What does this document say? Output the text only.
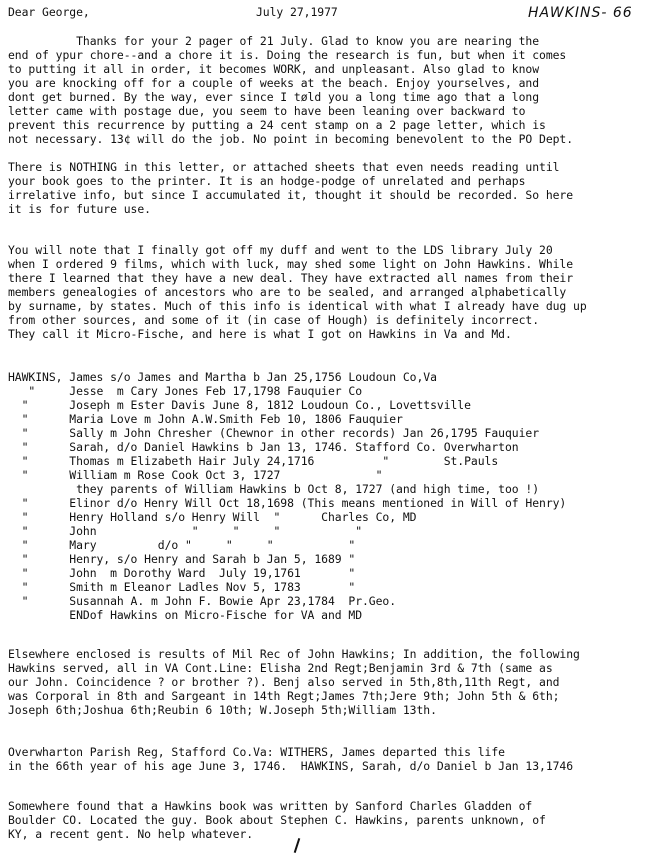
Dear George,	July 27,1977	HAWKINS- 66
Thanks for your 2 pager of 21 July. Glad to know you are nearing the
end of ypur chore--and a chore it is. Doing the research is fun, but when it comes
to putting it all in order, it becomes WORK, and unpleasant. Also glad to know
you are knocking off for a couple of weeks at the beach. Enjoy yourselves, and
dont get burned. By the way, ever since I tøld you a long time ago that a long
letter came with postage due, you seem to have been leaning over backward to
prevent this recurrence by putting a 24 cent stamp on a 2 page letter, which is
not necessary. 13¢ will do the job. No point in becoming benevolent to the PO Dept.
There is NOTHING in this letter, or attached sheets that even needs reading until
your book goes to the printer. It is an hodge-podge of unrelated and perhaps
irrelative info, but since I accumulated it, thought it should be recorded. So here
it is for future use.
You will note that I finally got off my duff and went to the LDS library July 20
when I ordered 9 films, which with luck, may shed some light on John Hawkins. While
there I learned that they have a new deal. They have extracted all names from their
members genealogies of ancestors who are to be sealed, and arranged alphabetically
by surname, by states. Much of this info is identical with what I already have dug up
from other sources, and some of it (in case of Hough) is definitely incorrect.
They call it Micro-Fische, and here is what I got on Hawkins in Va and Md.
HAWKINS, James s/o James and Martha b Jan 25,1756 Loudoun Co,Va
"     Jesse  m Cary Jones Feb 17,1798 Fauquier Co
"      Joseph m Ester Davis June 8, 1812 Loudoun Co., Lovettsville
"      Maria Love m John A.W.Smith Feb 10, 1806 Fauquier
"      Sally m John Chresher (Chewnor in other records) Jan 26,1795 Fauquier
"      Sarah, d/o Daniel Hawkins b Jan 13, 1746. Stafford Co. Overwharton
"      Thomas m Elizabeth Hair July 24,1716          "        St.Pauls
"      William m Rose Cook Oct 3, 1727              "
they parents of William Hawkins b Oct 8, 1727 (and high time, too !)
"      Elinor d/o Henry Will Oct 18,1698 (This means mentioned in Will of Henry)
"      Henry Holland s/o Henry Will  "      Charles Co, MD
"      John              "     "     "           "
"      Mary         d/o "     "     "           "
"      Henry, s/o Henry and Sarah b Jan 5, 1689 "
"      John  m Dorothy Ward  July 19,1761       "
"      Smith m Eleanor Ladles Nov 5, 1783       "
"      Susannah A. m John F. Bowie Apr 23,1784  Pr.Geo.
ENDof Hawkins on Micro-Fische for VA and MD
Elsewhere enclosed is results of Mil Rec of John Hawkins; In addition, the following
Hawkins served, all in VA Cont.Line: Elisha 2nd Regt;Benjamin 3rd & 7th (same as
our John. Coincidence ? or brother ?). Benj also served in 5th,8th,11th Regt, and
was Corporal in 8th and Sargeant in 14th Regt;James 7th;Jere 9th; John 5th & 6th;
Joseph 6th;Joshua 6th;Reubin 6 10th; W.Joseph 5th;William 13th.
Overwharton Parish Reg, Stafford Co.Va: WITHERS, James departed this life
in the 66th year of his age June 3, 1746.  HAWKINS, Sarah, d/o Daniel b Jan 13,1746
Somewhere found that a Hawkins book was written by Sanford Charles Gladden of
Boulder CO. Located the guy. Book about Stephen C. Hawkins, parents unknown, of
KY, a recent gent. No help whatever.
